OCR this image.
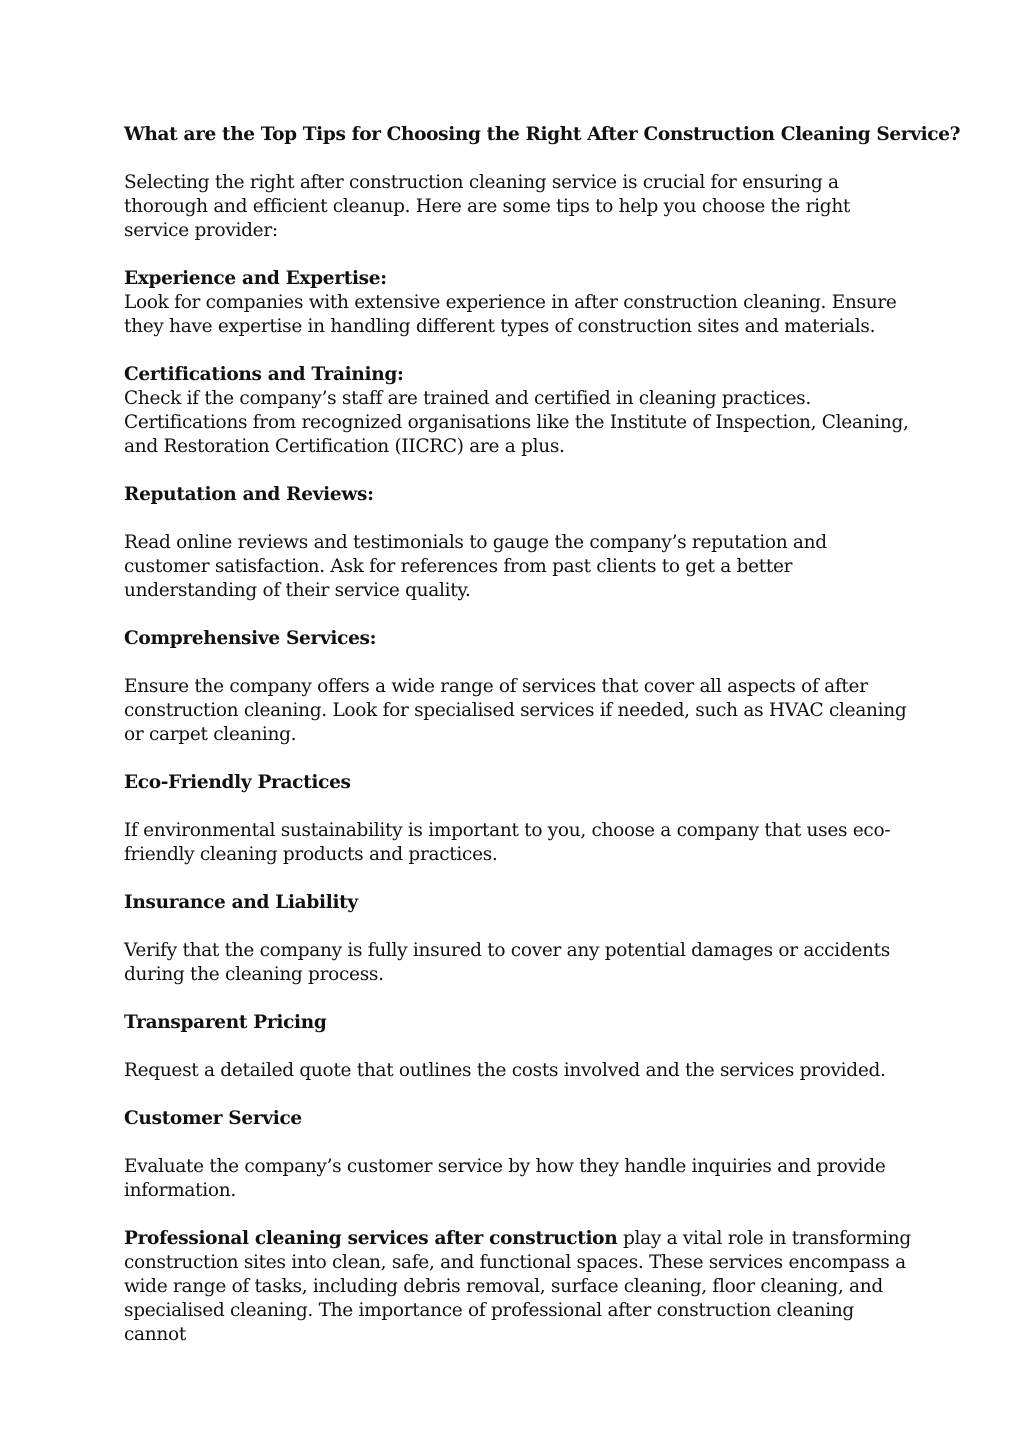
What are the Top Tips for Choosing the Right After Construction Cleaning Service?

Selecting the right after construction cleaning service is crucial for ensuring a thorough and efficient cleanup. Here are some tips to help you choose the right service provider:

Experience and Expertise:

Look for companies with extensive experience in after construction cleaning. Ensure they have expertise in handling different types of construction sites and materials.

Certifications and Training:

Check if the company’s staff are trained and certified in cleaning practices. Certifications from recognized organisations like the Institute of Inspection, Cleaning, and Restoration Certification (IICRC) are a plus.

Reputation and Reviews:

Read online reviews and testimonials to gauge the company’s reputation and customer satisfaction. Ask for references from past clients to get a better understanding of their service quality.

Comprehensive Services:

Ensure the company offers a wide range of services that cover all aspects of after construction cleaning. Look for specialised services if needed, such as HVAC cleaning or carpet cleaning.

Eco-Friendly Practices

If environmental sustainability is important to you, choose a company that uses eco-friendly cleaning products and practices.

Insurance and Liability

Verify that the company is fully insured to cover any potential damages or accidents during the cleaning process.

Transparent Pricing

Request a detailed quote that outlines the costs involved and the services provided.

Customer Service

Evaluate the company’s customer service by how they handle inquiries and provide information.

Professional cleaning services after construction play a vital role in transforming construction sites into clean, safe, and functional spaces. These services encompass a wide range of tasks, including debris removal, surface cleaning, floor cleaning, and specialised cleaning. The importance of professional after construction cleaning cannot
